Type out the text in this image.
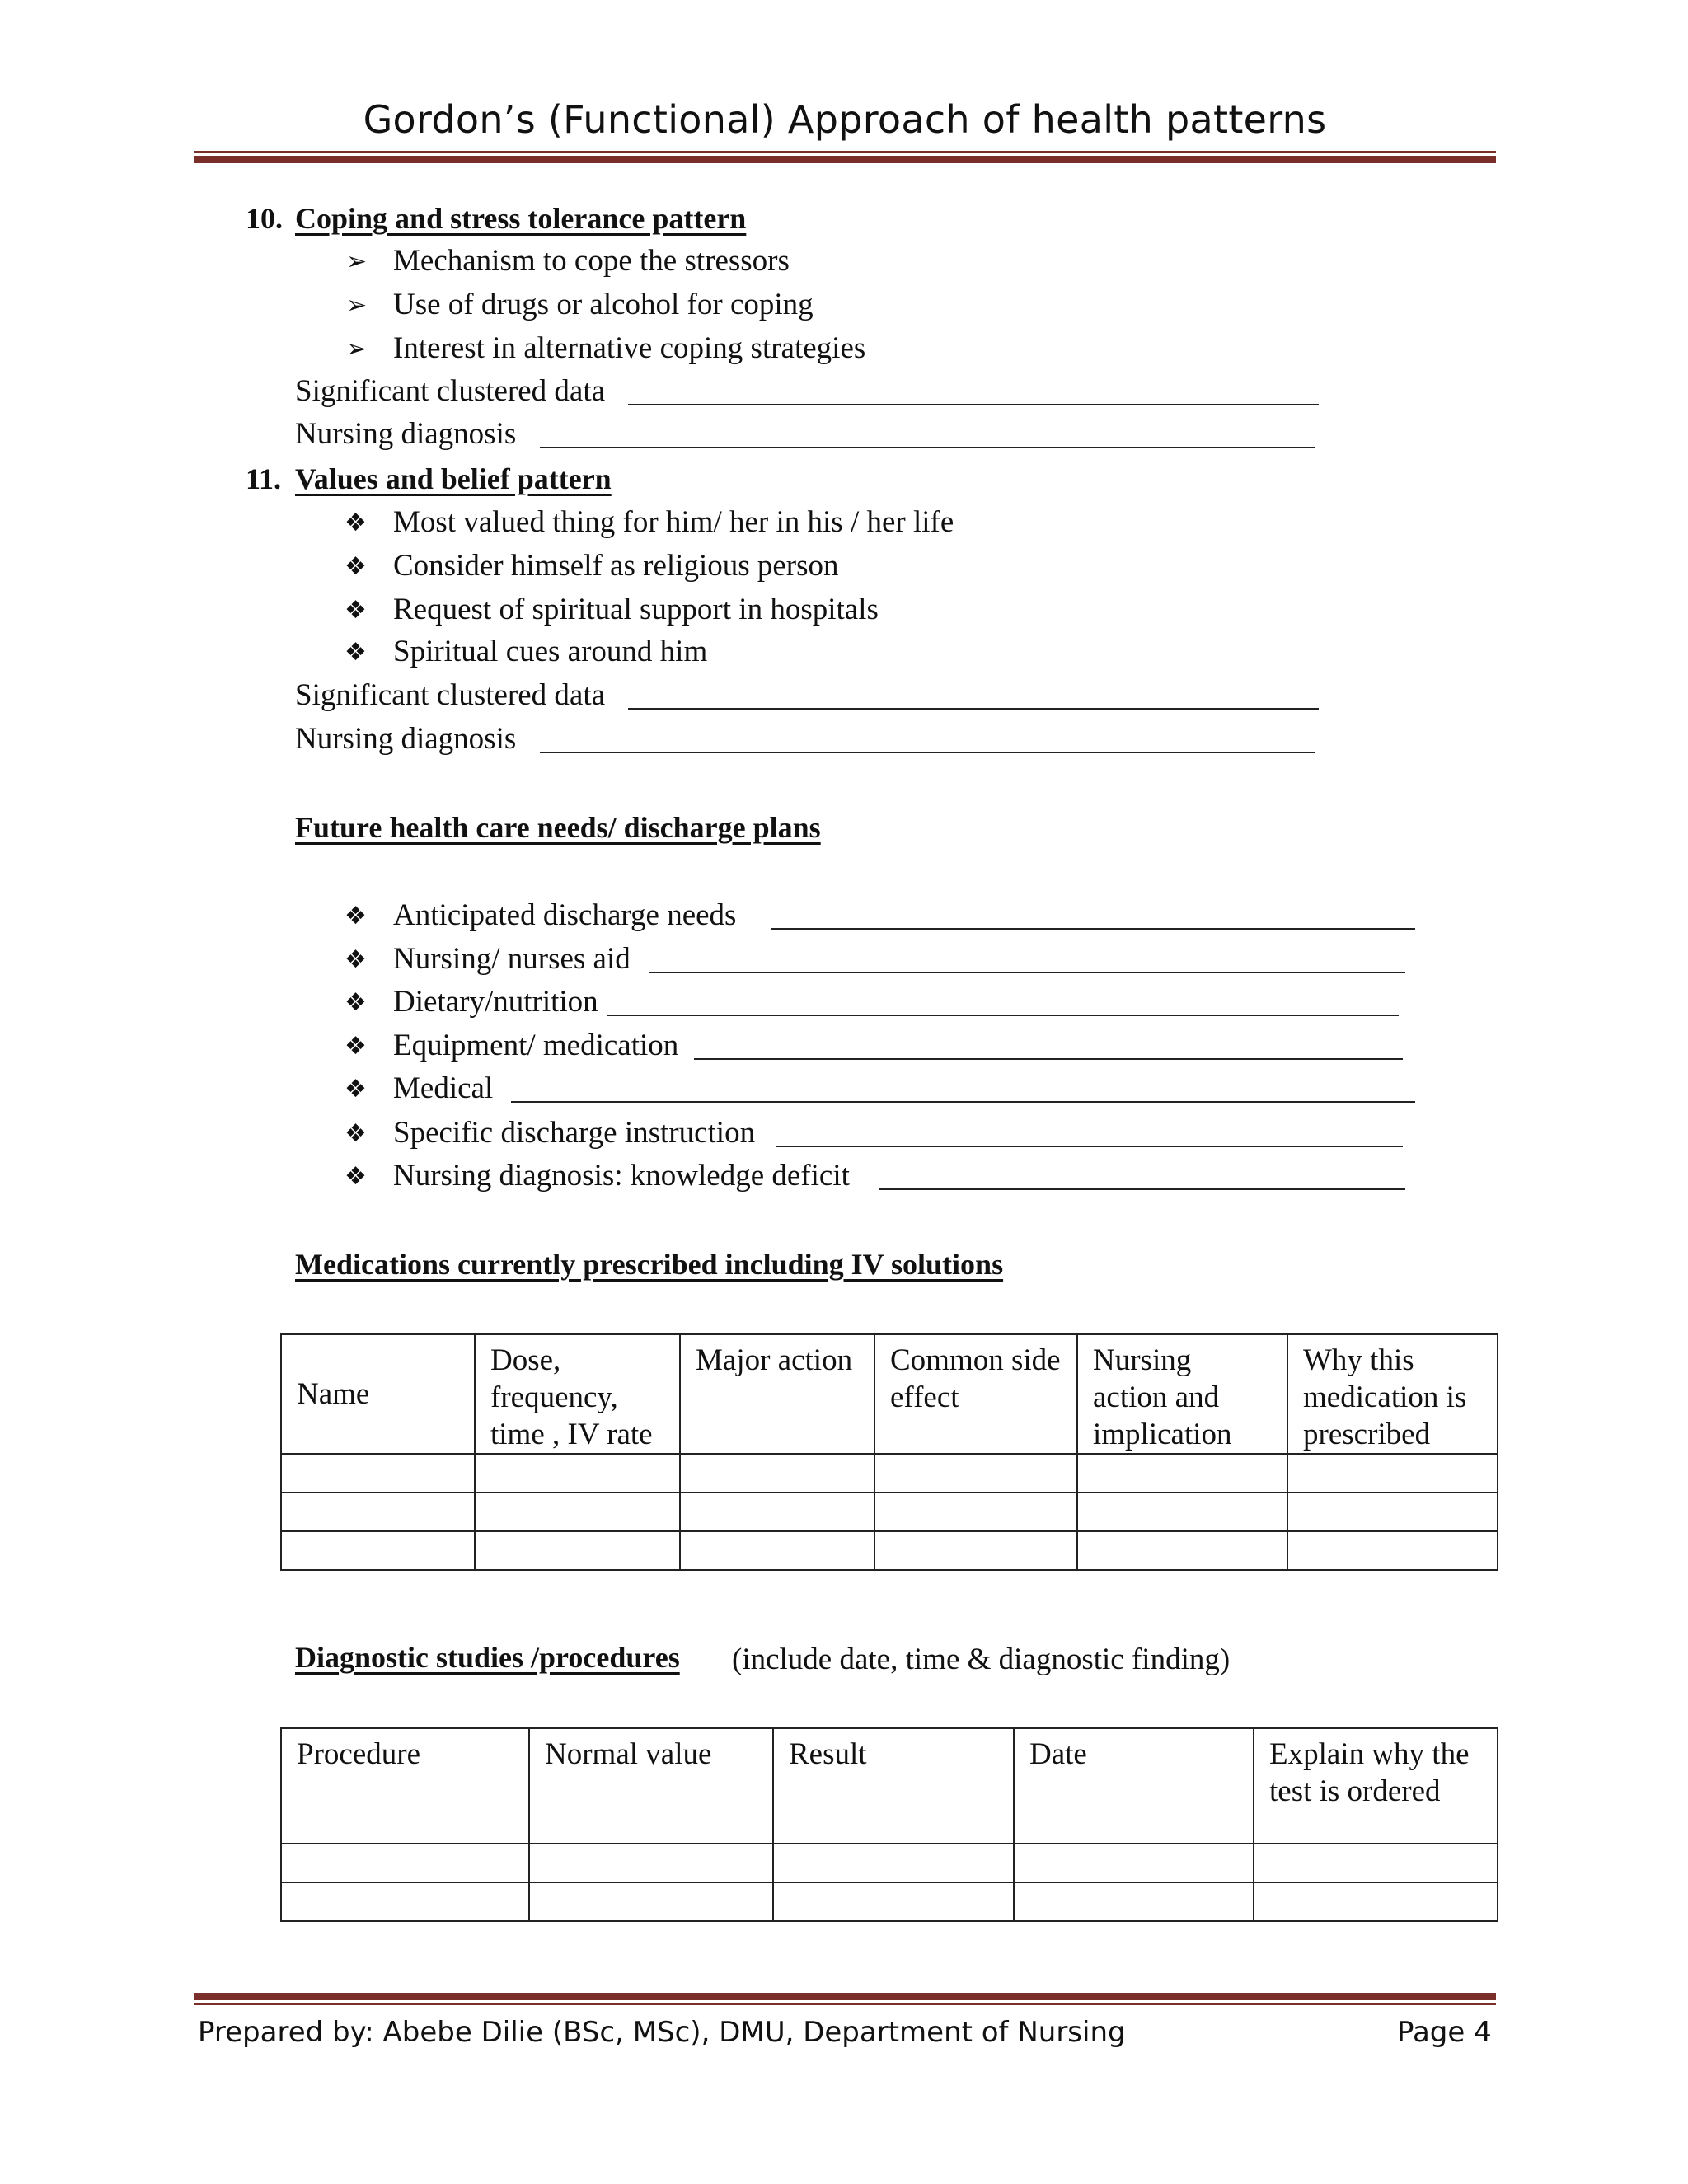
Gordon’s (Functional) Approach of health patterns
10. Coping and stress tolerance pattern
➢ Mechanism to cope the stressors
➢ Use of drugs or alcohol for coping
➢ Interest in alternative coping strategies
Significant clustered data
Nursing diagnosis
11. Values and belief pattern
❖ Most valued thing for him/ her in his / her life
❖ Consider himself as religious person
❖ Request of spiritual support in hospitals
❖ Spiritual cues around him
Significant clustered data
Nursing diagnosis
Future health care needs/ discharge plans
❖ Anticipated discharge needs
❖ Nursing/ nurses aid
❖ Dietary/nutrition
❖ Equipment/ medication
❖ Medical
❖ Specific discharge instruction
❖ Nursing diagnosis: knowledge deficit
Medications currently prescribed including IV solutions
Name	Dose, frequency, time , IV rate	Major action	Common side effect	Nursing action and implication	Why this medication is prescribed

Diagnostic studies /procedures (include date, time & diagnostic finding)
Procedure	Normal value	Result	Date	Explain why the test is ordered

Prepared by: Abebe Dilie (BSc, MSc), DMU, Department of Nursing	Page 4
